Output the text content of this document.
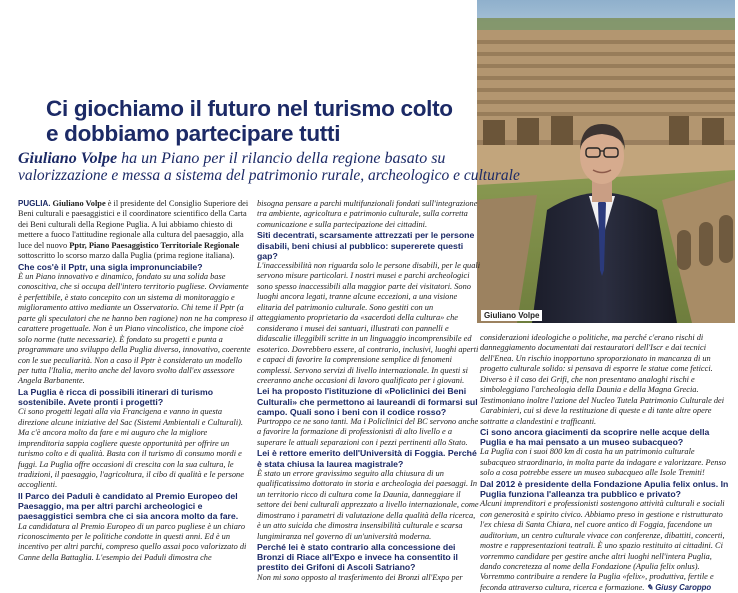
Giuliano Volpe
Ci giochiamo il futuro nel turismo colto
e dobbiamo partecipare tutti
Giuliano Volpe ha un Piano per il rilancio della regione basato su
valorizzazione e messa a sistema del patrimonio rurale, archeologico e culturale

PUGLIA. Giuliano Volpe è il presidente del Consiglio Superiore dei Beni culturali e paesaggistici e il coordinatore scientifico della Carta dei Beni culturali della Regione Puglia. A lui abbiamo chiesto di mettere a fuoco l'attitudine regionale alla cultura del paesaggio, alla luce del nuovo Pptr, Piano Paesaggistico Territoriale Regionale sottoscritto lo scorso marzo dalla Puglia (prima regione italiana).

Che cos'è il Pptr, una sigla impronunciabile?

È un Piano innovativo e dinamico, fondato su una solida base conoscitiva, che si occupa dell'intero territorio pugliese. Ovviamente è perfettibile, è stato concepito con un sistema di monitoraggio e miglioramento attivo mediante un Osservatorio. Chi teme il Pptr (a parte gli speculatori che ne hanno ben ragione) non ne ha compreso il carattere progettuale. Non è un Piano vincolistico, che impone cioè solo norme (tutte necessarie). È fondato su progetti e punta a programmare uno sviluppo della Puglia diverso, innovativo, coerente con le sue peculiarità. Non a caso il Pptr è considerato un modello per tutta l'Italia, merito anche del lavoro svolto dall'ex assessore Angela Barbanente.

La Puglia è ricca di possibili itinerari di turismo sostenibile. Avete pronti i progetti?

Ci sono progetti legati alla via Francigena e vanno in questa direzione alcune iniziative del Sac (Sistemi Ambientali e Culturali). Ma c'è ancora molto da fare e mi auguro che la migliore imprenditoria sappia cogliere queste opportunità per offrire un turismo colto e di qualità. Basta con il turismo di consumo mordi e fuggi. La Puglia offre occasioni di crescita con la sua cultura, le tradizioni, il paesaggio, l'agricoltura, il cibo di qualità e le persone accoglienti.

Il Parco dei Paduli è candidato al Premio Europeo del Paesaggio, ma per altri parchi archeologici e paesaggistici sembra che ci sia ancora molto da fare.

La candidatura al Premio Europeo di un parco pugliese è un chiaro riconoscimento per le politiche condotte in questi anni. Ed è un incentivo per altri parchi, compreso quello assai poco valorizzato di Canne della Battaglia. L'esempio dei Paduli dimostra che

bisogna pensare a parchi multifunzionali fondati sull'integrazione tra ambiente, agricoltura e patrimonio culturale, sulla corretta comunicazione e sulla partecipazione dei cittadini.

Siti decentrati, scarsamente attrezzati per le persone disabili, beni chiusi al pubblico: supererete questi gap?

L'inaccessibilità non riguarda solo le persone disabili, per le quali servono misure particolari. I nostri musei e parchi archeologici sono spesso inaccessibili alla maggior parte dei visitatori. Sono luoghi ancora legati, tranne alcune eccezioni, a una visione elitaria del patrimonio culturale. Sono gestiti con un atteggiamento proprietario da «sacerdoti della cultura» che considerano i musei dei santuari, illustrati con pannelli e didascalie illeggibili scritte in un linguaggio incomprensibile ed esoterico. Dovrebbero essere, al contrario, inclusivi, luoghi aperti e capaci di favorire la comprensione semplice di fenomeni complessi. Servono servizi di livello internazionale. In questi si creeranno anche occasioni di lavoro qualificato per i giovani.

Lei ha proposto l'istituzione di «Policlinici dei Beni Culturali» che permettono ai laureandi di formarsi sul campo. Quali sono i beni con il codice rosso?

Purtroppo ce ne sono tanti. Ma i Policlinici del BC servono anche a favorire la formazione di professionisti di alto livello e a superare le attuali separazioni con i pezzi pertinenti allo Stato.

Lei è rettore emerito dell'Università di Foggia. Perché è stata chiusa la laurea magistrale?

È stato un errore gravissimo seguito alla chiusura di un qualificatissimo dottorato in storia e archeologia dei paesaggi. In un territorio ricco di cultura come la Daunia, danneggiare il settore dei beni culturali apprezzato a livello internazionale, come dimostrano i parametri di valutazione della qualità della ricerca, è un atto suicida che dimostra insensibilità culturale e scarsa lungimiranza nel governo di un'università moderna.

Perché lei è stato contrario alla concessione dei Bronzi di Riace all'Expo e invece ha consentito il prestito dei Grifoni di Ascoli Satriano?

Non mi sono opposto al trasferimento dei Bronzi all'Expo per

considerazioni ideologiche o politiche, ma perché c'erano rischi di danneggiamento documentati dai restauratori dell'Iscr e dai tecnici dell'Enea. Un rischio inopportuno sproporzionato in mancanza di un progetto culturale solido: si pensava di esporre le statue come feticci. Diverso è il caso dei Grifi, che non presentano analoghi rischi e simboleggiano l'archeologia della Daunia e della Magna Grecia. Testimoniano inoltre l'azione del Nucleo Tutela Patrimonio Culturale dei Carabinieri, cui si deve la restituzione di queste e di tante altre opere sottratte a clandestini e trafficanti.

Ci sono ancora giacimenti da scoprire nelle acque della Puglia e ha mai pensato a un museo subacqueo?

La Puglia con i suoi 800 km di costa ha un patrimonio culturale subacqueo straordinario, in molta parte da indagare e valorizzare. Penso solo a cosa potrebbe essere un museo subacqueo alle Isole Tremiti!

Dal 2012 è presidente della Fondazione Apulia felix onlus. In Puglia funziona l'alleanza tra pubblico e privato?

Alcuni imprenditori e professionisti sostengono attività culturali e sociali con generosità e spirito civico. Abbiamo preso in gestione e ristrutturato l'ex chiesa di Santa Chiara, nel cuore antico di Foggia, facendone un auditorium, un centro culturale vivace con conferenze, dibattiti, concerti, mostre e rappresentazioni teatrali. È uno spazio restituito ai cittadini. Ci vorremmo candidare per gestire anche altri luoghi nell'intera Puglia, dando concretezza al nome della Fondazione (Apulia felix onlus). Vorremmo contribuire a rendere la Puglia «felix», produttiva, fertile e feconda attraverso cultura, ricerca e formazione. ✎ Giusy Caroppo
